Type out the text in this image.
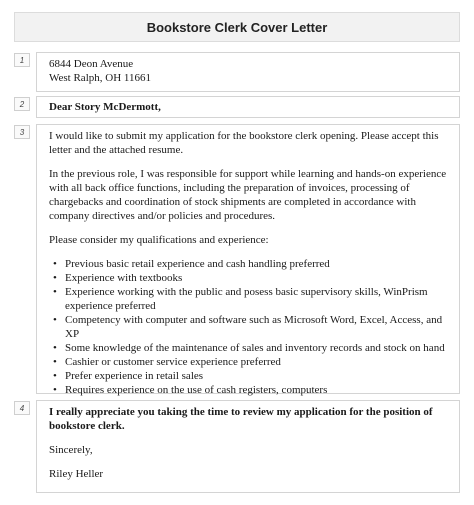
Bookstore Clerk Cover Letter
1	6844 Deon Avenue

West Ralph, OH 11661

2	Dear Story McDermott,

3	I would like to submit my application for the bookstore clerk opening. Please accept this letter and the attached resume.

In the previous role, I was responsible for support while learning and hands-on experience with all back office functions, including the preparation of invoices, processing of chargebacks and coordination of stock shipments are completed in accordance with company directives and/or policies and procedures.

Please consider my qualifications and experience:

• Previous basic retail experience and cash handling preferred
• Experience with textbooks
• Experience working with the public and posess basic supervisory skills, WinPrism experience preferred
• Competency with computer and software such as Microsoft Word, Excel, Access, and XP
• Some knowledge of the maintenance of sales and inventory records and stock on hand
• Cashier or customer service experience preferred
• Prefer experience in retail sales
• Requires experience on the use of cash registers, computers
4	I really appreciate you taking the time to review my application for the position of bookstore clerk.

Sincerely,

Riley Heller
